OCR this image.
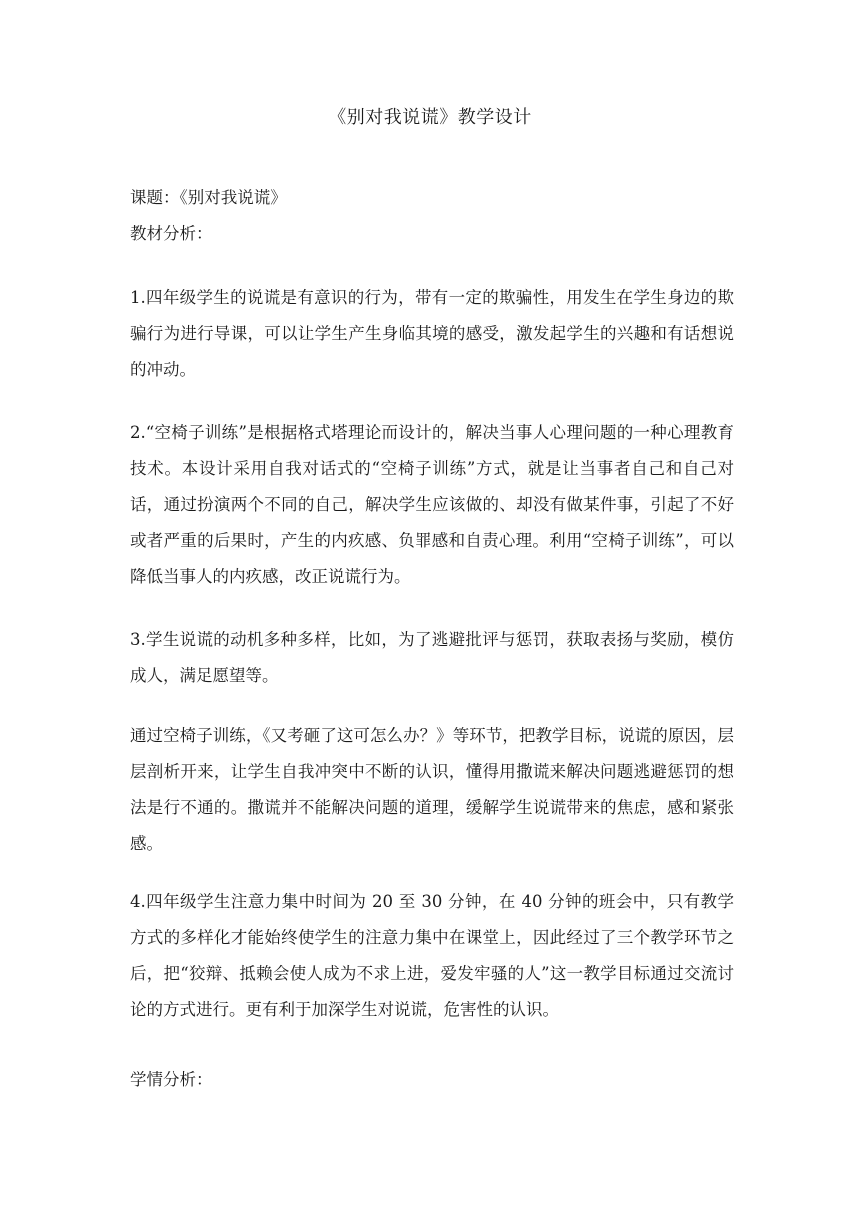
《别对我说谎》教学设计

课题：《别对我说谎》

教材分析：

1.四年级学生的说谎是有意识的行为，带有一定的欺骗性，用发生在学生身边的欺骗行为进行导课，可以让学生产生身临其境的感受，激发起学生的兴趣和有话想说的冲动。

2.“空椅子训练”是根据格式塔理论而设计的，解决当事人心理问题的一种心理教育技术。本设计采用自我对话式的“空椅子训练”方式，就是让当事者自己和自己对话，通过扮演两个不同的自己，解决学生应该做的、却没有做某件事，引起了不好或者严重的后果时，产生的内疚感、负罪感和自责心理。利用“空椅子训练”，可以降低当事人的内疚感，改正说谎行为。

3.学生说谎的动机多种多样，比如，为了逃避批评与惩罚，获取表扬与奖励，模仿成人，满足愿望等。

通过空椅子训练，《又考砸了这可怎么办？》等环节，把教学目标，说谎的原因，层层剖析开来，让学生自我冲突中不断的认识，懂得用撒谎来解决问题逃避惩罚的想法是行不通的。撒谎并不能解决问题的道理，缓解学生说谎带来的焦虑，感和紧张感。

4.四年级学生注意力集中时间为 20 至 30 分钟，在 40 分钟的班会中，只有教学方式的多样化才能始终使学生的注意力集中在课堂上，因此经过了三个教学环节之后，把“狡辩、抵赖会使人成为不求上进，爱发牢骚的人”这一教学目标通过交流讨论的方式进行。更有利于加深学生对说谎，危害性的认识。

学情分析：
